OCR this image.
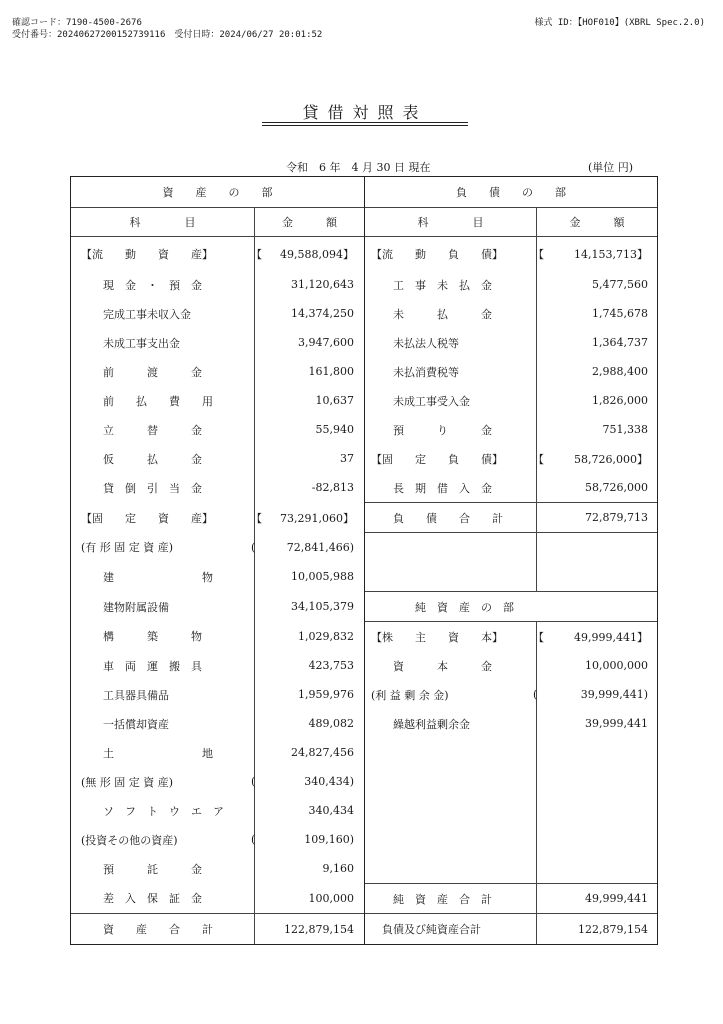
確認コード：7190-4500-2676
受付番号：20240627200152739116　受付日時：2024/06/27 20:01:52
様式 ID：【HOF010】(XBRL Spec.2.0)
貸借対照表
令和　6 年　4 月 30 日 現在	(単位 円)
資　　産　　の　　部		負　　債　　の　　部	
科　　　　目	金　　　額	科　　　　目	金　　　額
【流　　動　　資　　産】	【 49,588,094】	【流　　動　　負　　債】	【 14,153,713】

　　現　金　・　預　金	31,120,643	　　工　事　未　払　金	5,477,560

　　完成工事未収入金	14,374,250	　　未　　　払　　　金	1,745,678

　　未成工事支出金	3,947,600	　　未払法人税等	1,364,737

　　前　　　渡　　　金	161,800	　　未払消費税等	2,988,400

　　前　　払　　費　　用	10,637	　　未成工事受入金	1,826,000

　　立　　　替　　　金	55,940	　　預　　　り　　　金	751,338

　　仮　　　払　　　金	37	【固　　定　　負　　債】	【 58,726,000】

　　貸　倒　引　当　金	-82,813	　　長　期　借　入　金	58,726,000

【固　　定　　資　　産】	【 73,291,060】	　　負　　債　　合　　計	72,879,713

(有 形 固 定 資 産)	( 72,841,466)		

　　建　　　　　　　　物	10,005,988		

　　建物附属設備	34,105,379	　　　　純　資　産　の　部	
　　構　　　築　　　物	1,029,832	【株　　主　　資　　本】	【 49,999,441】

　　車　両　運　搬　具	423,753	　　資　　　本　　　金	10,000,000

　　工具器具備品	1,959,976	(利 益 剰 余 金)	( 39,999,441)

　　一括償却資産	489,082	　　繰越利益剰余金	39,999,441

　　土　　　　　　　　地	24,827,456		

(無 形 固 定 資 産)	( 340,434)		

　　ソ　フ　ト　ウ　エ　ア	340,434		

(投資その他の資産)	( 109,160)		

　　預　　　託　　　金	9,160		

　　差　入　保　証　金	100,000	　　純　資　産　合　計	49,999,441

　　資　　産　　合　　計	122,879,154	　負債及び純資産合計	122,879,154
